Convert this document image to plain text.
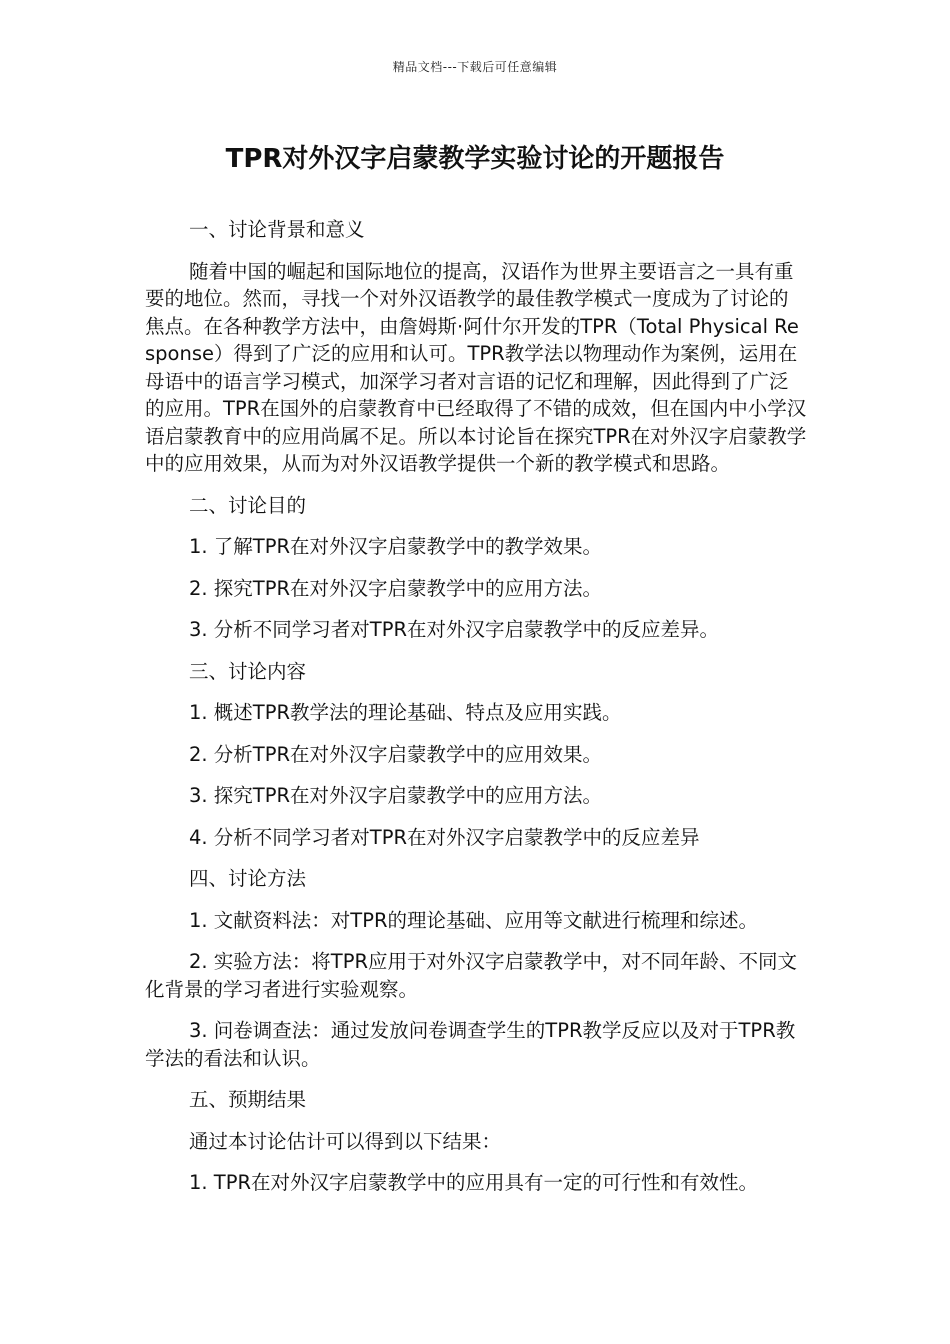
精品文档---下载后可任意编辑
TPR对外汉字启蒙教学实验讨论的开题报告

一、讨论背景和意义

随着中国的崛起和国际地位的提高，汉语作为世界主要语言之一具有重要的地位。然而，寻找一个对外汉语教学的最佳教学模式一度成为了讨论的焦点。在各种教学方法中，由詹姆斯·阿什尔开发的TPR（Total Physical Response）得到了广泛的应用和认可。TPR教学法以物理动作为案例，运用在母语中的语言学习模式，加深学习者对言语的记忆和理解，因此得到了广泛的应用。TPR在国外的启蒙教育中已经取得了不错的成效，但在国内中小学汉语启蒙教育中的应用尚属不足。所以本讨论旨在探究TPR在对外汉字启蒙教学中的应用效果，从而为对外汉语教学提供一个新的教学模式和思路。

二、讨论目的

1. 了解TPR在对外汉字启蒙教学中的教学效果。

2. 探究TPR在对外汉字启蒙教学中的应用方法。

3. 分析不同学习者对TPR在对外汉字启蒙教学中的反应差异。

三、讨论内容

1. 概述TPR教学法的理论基础、特点及应用实践。

2. 分析TPR在对外汉字启蒙教学中的应用效果。

3. 探究TPR在对外汉字启蒙教学中的应用方法。

4. 分析不同学习者对TPR在对外汉字启蒙教学中的反应差异

四、讨论方法

1. 文献资料法：对TPR的理论基础、应用等文献进行梳理和综述。

2. 实验方法：将TPR应用于对外汉字启蒙教学中，对不同年龄、不同文化背景的学习者进行实验观察。

3. 问卷调查法：通过发放问卷调查学生的TPR教学反应以及对于TPR教学法的看法和认识。

五、预期结果

通过本讨论估计可以得到以下结果：

1. TPR在对外汉字启蒙教学中的应用具有一定的可行性和有效性。
